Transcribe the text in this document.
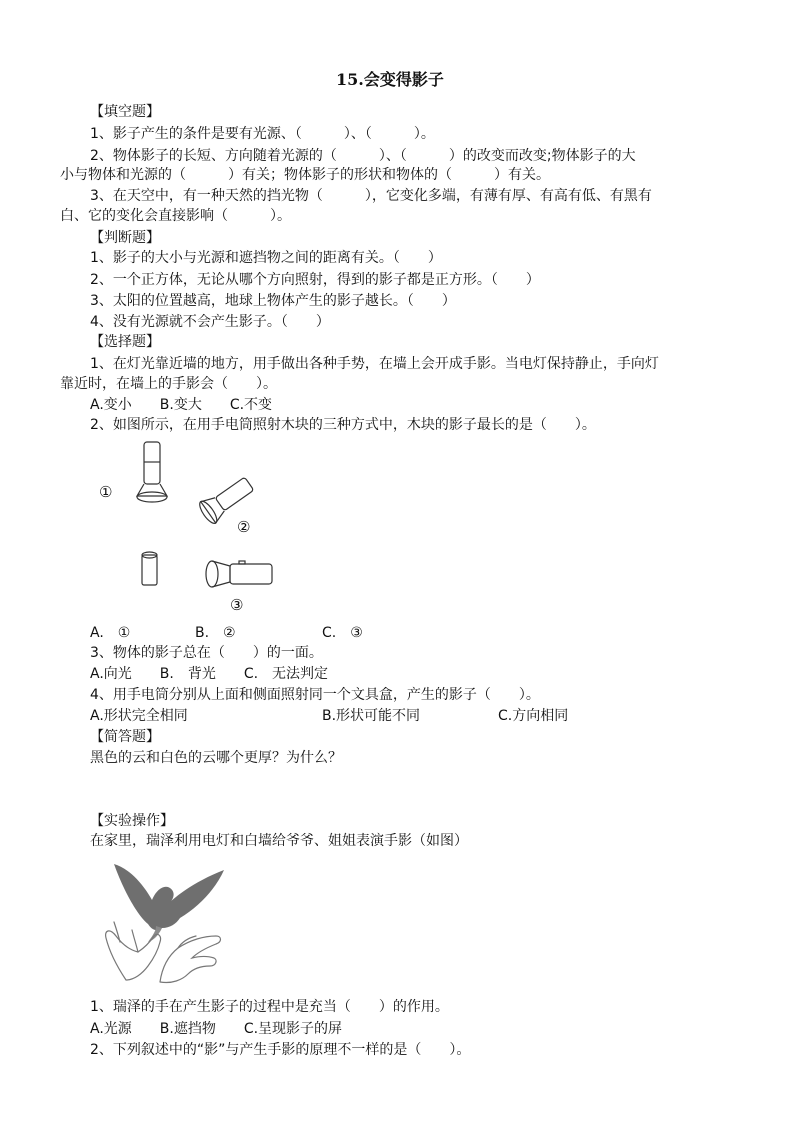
15.会变得影子
【填空题】
1、影子产生的条件是要有光源、（　　　）、（　　　）。
2、物体影子的长短、方向随着光源的（　　　）、（　　　）的改变而改变;物体影子的大
小与物体和光源的（　　　）有关；物体影子的形状和物体的（　　　）有关。
3、在天空中，有一种天然的挡光物（　　　），它变化多端，有薄有厚、有高有低、有黑有
白、它的变化会直接影响（　　　）。
【判断题】
1、影子的大小与光源和遮挡物之间的距离有关。（　　）
2、一个正方体，无论从哪个方向照射，得到的影子都是正方形。（　　）
3、太阳的位置越高，地球上物体产生的影子越长。（　　）
4、没有光源就不会产生影子。（　　）
【选择题】
1、在灯光靠近墙的地方，用手做出各种手势，在墙上会开成手影。当电灯保持静止，手向灯
靠近时，在墙上的手影会（　　）。
A.变小　　B.变大　　C.不变
2、如图所示，在用手电筒照射木块的三种方式中，木块的影子最长的是（　　）。
①
②
③
A.　①	B.　②	C.　③
3、物体的影子总在（　　）的一面。
A.向光　　B.　背光　　C.　无法判定
4、用手电筒分别从上面和侧面照射同一个文具盒，产生的影子（　　）。
A.形状完全相同	B.形状可能不同	C.方向相同
【简答题】
黑色的云和白色的云哪个更厚？为什么？
【实验操作】
在家里，瑞泽利用电灯和白墙给爷爷、姐姐表演手影（如图）
1、瑞泽的手在产生影子的过程中是充当（　　）的作用。
A.光源　　B.遮挡物　　C.呈现影子的屏
2、下列叙述中的“影”与产生手影的原理不一样的是（　　）。
